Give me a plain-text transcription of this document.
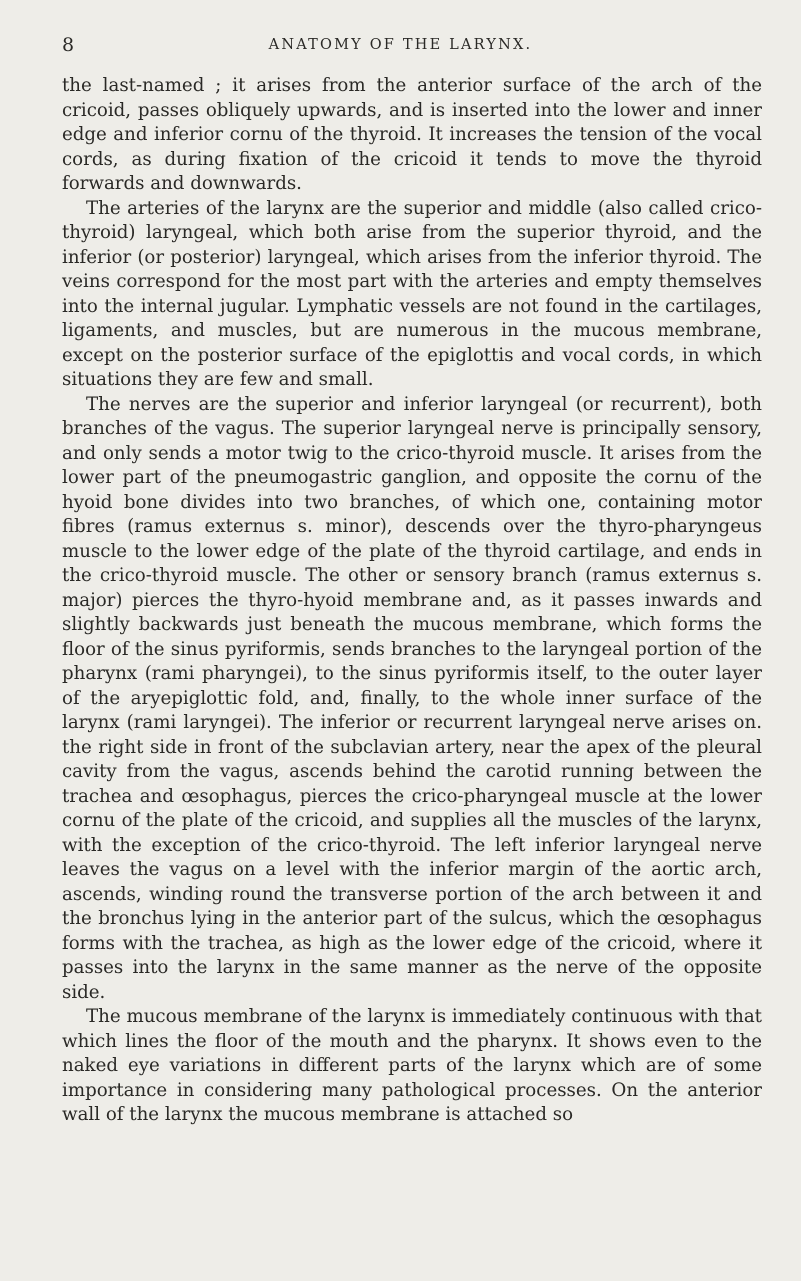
8	ANATOMY OF THE LARYNX.

the last-named ; it arises from the anterior surface of the arch of the cricoid, passes obliquely upwards, and is inserted into the lower and inner edge and inferior cornu of the thyroid. It increases the tension of the vocal cords, as during fixation of the cricoid it tends to move the thyroid forwards and downwards.

The arteries of the larynx are the superior and middle (also called crico-thyroid) laryngeal, which both arise from the superior thyroid, and the inferior (or posterior) laryngeal, which arises from the inferior thyroid. The veins correspond for the most part with the arteries and empty themselves into the internal jugular. Lymphatic vessels are not found in the cartilages, ligaments, and muscles, but are numerous in the mucous membrane, except on the posterior surface of the epiglottis and vocal cords, in which situations they are few and small.

The nerves are the superior and inferior laryngeal (or recurrent), both branches of the vagus. The superior laryngeal nerve is principally sensory, and only sends a motor twig to the crico-thyroid muscle. It arises from the lower part of the pneumogastric ganglion, and opposite the cornu of the hyoid bone divides into two branches, of which one, containing motor fibres (ramus externus s. minor), descends over the thyro-pharyngeus muscle to the lower edge of the plate of the thyroid cartilage, and ends in the crico-thyroid muscle. The other or sensory branch (ramus externus s. major) pierces the thyro-hyoid membrane and, as it passes inwards and slightly backwards just beneath the mucous membrane, which forms the floor of the sinus pyriformis, sends branches to the laryngeal portion of the pharynx (rami pharyngei), to the sinus pyriformis itself, to the outer layer of the aryepiglottic fold, and, finally, to the whole inner surface of the larynx (rami laryngei). The inferior or recurrent laryngeal nerve arises on. the right side in front of the subclavian artery, near the apex of the pleural cavity from the vagus, ascends behind the carotid running between the trachea and œsophagus, pierces the crico-pharyngeal muscle at the lower cornu of the plate of the cricoid, and supplies all the muscles of the larynx, with the exception of the crico-thyroid. The left inferior laryngeal nerve leaves the vagus on a level with the inferior margin of the aortic arch, ascends, winding round the transverse portion of the arch between it and the bronchus lying in the anterior part of the sulcus, which the œsophagus forms with the trachea, as high as the lower edge of the cricoid, where it passes into the larynx in the same manner as the nerve of the opposite side.

The mucous membrane of the larynx is immediately continuous with that which lines the floor of the mouth and the pharynx. It shows even to the naked eye variations in different parts of the larynx which are of some importance in considering many pathological processes. On the anterior wall of the larynx the mucous membrane is attached so
